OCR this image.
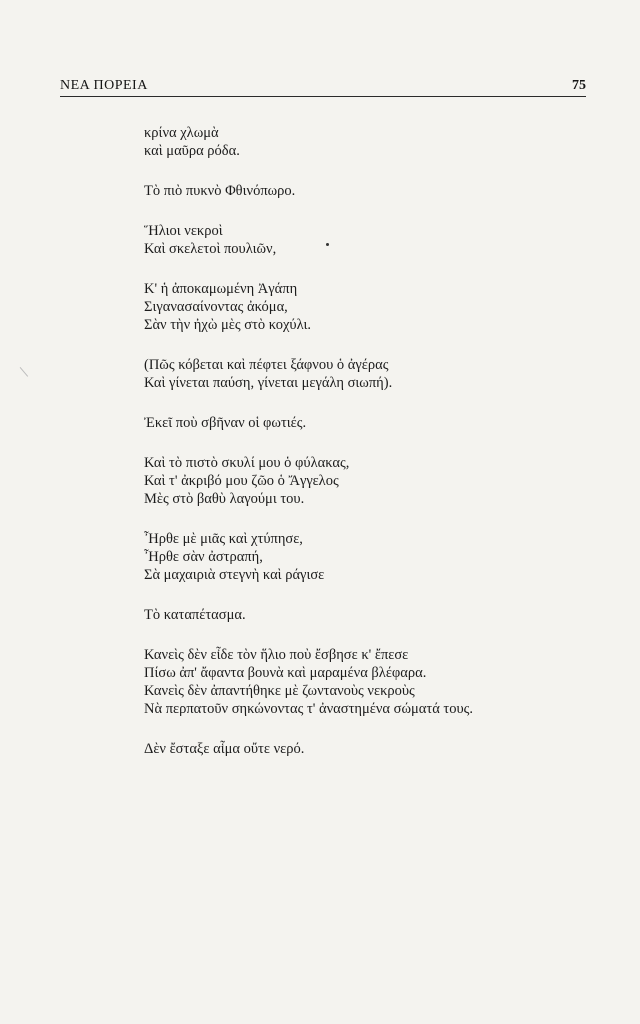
ΝΕΑ ΠΟΡΕΙΑ	75
κρίνα χλωμὰ
καὶ μαῦρα ρόδα.
Τὸ πιὸ πυκνὸ Φθινόπωρο.
Ἥλιοι νεκροὶ
Καὶ σκελετοὶ πουλιῶν,
Κ' ἡ ἀποκαμωμένη Ἀγάπη
Σιγανασαίνοντας ἀκόμα,
Σὰν τὴν ἠχὼ μὲς στὸ κοχύλι.
(Πῶς κόβεται καὶ πέφτει ξάφνου ὁ ἀγέρας
Καὶ γίνεται παύση, γίνεται μεγάλη σιωπή).
Ἐκεῖ ποὺ σβῆναν οἱ φωτιές.
Καὶ τὸ πιστὸ σκυλί μου ὁ φύλακας,
Καὶ τ' ἀκριβό μου ζῶο ὁ Ἄγγελος
Μὲς στὸ βαθὺ λαγούμι του.
Ἦρθε μὲ μιᾶς καὶ χτύπησε,
Ἦρθε σὰν ἀστραπή,
Σὰ μαχαιριὰ στεγνὴ καὶ ράγισε
Τὸ καταπέτασμα.
Κανεὶς δὲν εἶδε τὸν ἥλιο ποὺ ἔσβησε κ' ἔπεσε
Πίσω ἀπ' ἄφαντα βουνὰ καὶ μαραμένα βλέφαρα.
Κανεὶς δὲν ἀπαντήθηκε μὲ ζωντανοὺς νεκροὺς
Νὰ περπατοῦν σηκώνοντας τ' ἀναστημένα σώματά τους.
Δὲν ἔσταξε αἷμα οὔτε νερό.
